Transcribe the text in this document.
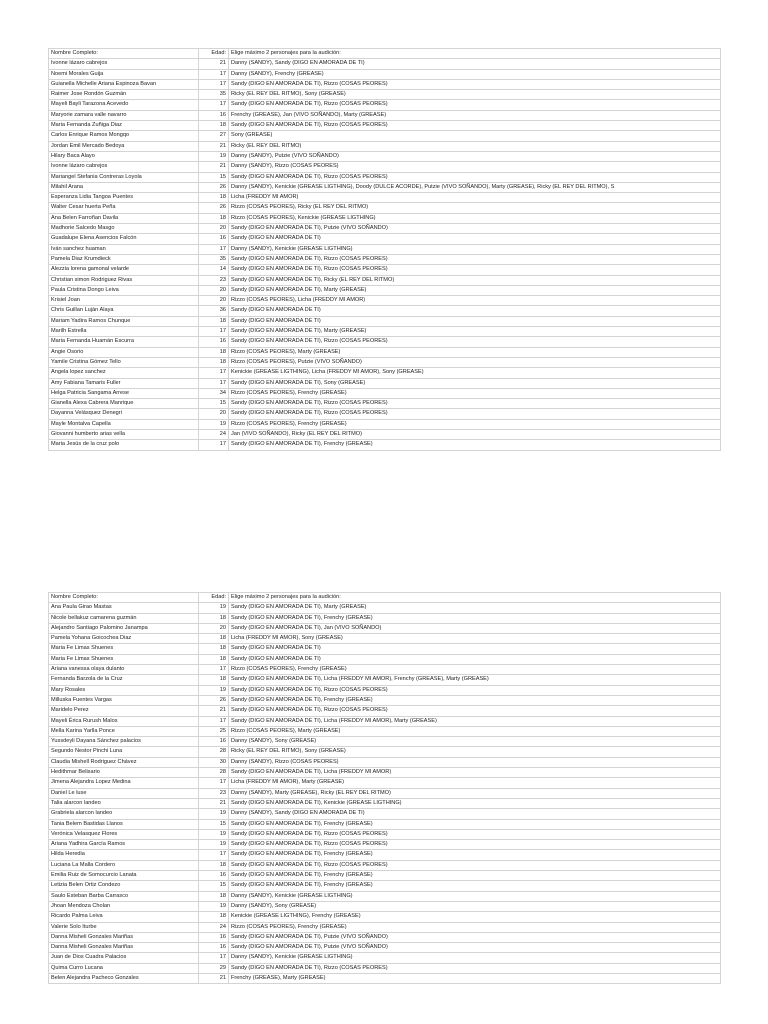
Nombre Completo:	Edad:	Elige máximo 2 personajes para la audición:
Ivonne lázaro cabrejos	21	Danny (SANDY), Sandy (DIGO EN AMORADA DE TI)
Noemi Morales Guija	17	Danny (SANDY), Frenchy (GREASE)
Guianella Michelle Ariana Espinoza Bavan	17	Sandy (DIGO EN AMORADA DE TI), Rizzo (COSAS PEORES)
Raimer Jose Rondón Guzmán	35	Ricky (EL REY DEL RITMO), Sony (GREASE)
Mayeli Bayli Tarazona Acevedo	17	Sandy (DIGO EN AMORADA DE TI), Rizzo (COSAS PEORES)
Maryorie zamara valle navarro	16	Frenchy (GREASE), Jan (VIVO SOÑANDO), Marty (GREASE)
Maria Fernanda Zuñiga Diaz	18	Sandy (DIGO EN AMORADA DE TI), Rizzo (COSAS PEORES)
Carlos Enrique Ramos Mongqo	27	Sony (GREASE)
Jordan Emil Mercado Bedoya	21	Ricky (EL REY DEL RITMO)
Hilary Baca Alayo	19	Danny (SANDY), Putzie (VIVO SOÑANDO)
Ivonne lázaro cabrejos	21	Danny (SANDY), Rizzo (COSAS PEORES)
Mariangel Stefania Contreras Loyola	15	Sandy (DIGO EN AMORADA DE TI), Rizzo (COSAS PEORES)
Milahil Arana	26	Danny (SANDY), Kenickie (GREASE LIGTHING), Doody (DULCE ACORDE), Putzie (VIVO SOÑANDO), Marty (GREASE), Ricky (EL REY DEL RITMO), S
Esperanza Lidia Tangoa Puentes	18	Licha (FREDDY MI AMOR)
Walter Cesar huerta Peña	26	Rizzo (COSAS PEORES), Ricky (EL REY DEL RITMO)
Ana Belen Farroñan Davila	18	Rizzo (COSAS PEORES), Kenickie (GREASE LIGTHING)
Madhorie Salcedo Masgo	20	Sandy (DIGO EN AMORADA DE TI), Putzie (VIVO SOÑANDO)
Guadalupe Elena Asencios Falcón	16	Sandy (DIGO EN AMORADA DE TI)
Iván sanchez huaman	17	Danny (SANDY), Kenickie (GREASE LIGTHING)
Pamela Diaz Krumdieck	35	Sandy (DIGO EN AMORADA DE TI), Rizzo (COSAS PEORES)
Alezzia lorena gamonal velarde	14	Sandy (DIGO EN AMORADA DE TI), Rizzo (COSAS PEORES)
Christian simon Rodriguez Rivas	23	Sandy (DIGO EN AMORADA DE TI), Ricky (EL REY DEL RITMO)
Paula Cristina Dongo Leiva	20	Sandy (DIGO EN AMORADA DE TI), Marty (GREASE)
Krisiel Joan	20	Rizzo (COSAS PEORES), Licha (FREDDY MI AMOR)
Chris Guillan Luján Alaya	36	Sandy (DIGO EN AMORADA DE TI)
Mariam Yadira Ramos Chunque	18	Sandy (DIGO EN AMORADA DE TI)
Marilh Estrella	17	Sandy (DIGO EN AMORADA DE TI), Marty (GREASE)
Maria Fernanda Huamán Escurra	16	Sandy (DIGO EN AMORADA DE TI), Rizzo (COSAS PEORES)
Angie Osorio	18	Rizzo (COSAS PEORES), Marty (GREASE)
Yamile Cristina Gómez Tello	18	Rizzo (COSAS PEORES), Putzie (VIVO SOÑANDO)
Angela lopez sanchez	17	Kenickie (GREASE LIGTHING), Licha (FREDDY MI AMOR), Sony (GREASE)
Amy Fabiana Tamaris Fuller	17	Sandy (DIGO EN AMORADA DE TI), Sony (GREASE)
Helga Patricia Sangama Arrese	34	Rizzo (COSAS PEORES), Frenchy (GREASE)
Gianella Alexa Cabrera Manrique	15	Sandy (DIGO EN AMORADA DE TI), Rizzo (COSAS PEORES)
Dayanna Velásquez Denegri	20	Sandy (DIGO EN AMORADA DE TI), Rizzo (COSAS PEORES)
Mayle Montalva Capella	19	Rizzo (COSAS PEORES), Frenchy (GREASE)
Giovanni humberto arias vella	24	Jan (VIVO SOÑANDO), Ricky (EL REY DEL RITMO)
Maria Jesús de la cruz polo	17	Sandy (DIGO EN AMORADA DE TI), Frenchy (GREASE)
Nombre Completo:	Edad:	Elige máximo 2 personajes para la audición:
Ana Paula Girao Mastas	19	Sandy (DIGO EN AMORADA DE TI), Marty (GREASE)
Nicole bellakuz camarena guzmán	18	Sandy (DIGO EN AMORADA DE TI), Frenchy (GREASE)
Alejandro Santiago Palomino Janampa	20	Sandy (DIGO EN AMORADA DE TI), Jan (VIVO SOÑANDO)
Pamela Yohana Goicochea Diaz	18	Licha (FREDDY MI AMOR), Sony (GREASE)
Maria Fe Limas Shuenes	18	Sandy (DIGO EN AMORADA DE TI)
Maria Fe Limas Shuenes	18	Sandy (DIGO EN AMORADA DE TI)
Ariana vanessa olaya dulanto	17	Rizzo (COSAS PEORES), Frenchy (GREASE)
Fernanda Barzola de la Cruz	18	Sandy (DIGO EN AMORADA DE TI), Licha (FREDDY MI AMOR), Frenchy (GREASE), Marty (GREASE)
Mary Rosales	19	Sandy (DIGO EN AMORADA DE TI), Rizzo (COSAS PEORES)
Milluska Fuentes Vargas	26	Sandy (DIGO EN AMORADA DE TI), Frenchy (GREASE)
Maridelo Perez	21	Sandy (DIGO EN AMORADA DE TI), Rizzo (COSAS PEORES)
Mayeli Érica Rurush Malos	17	Sandy (DIGO EN AMORADA DE TI), Licha (FREDDY MI AMOR), Marty (GREASE)
Mella Karina Yarlla Ponce	25	Rizzo (COSAS PEORES), Marty (GREASE)
Yussdeyli Dayana Sánchez palacios	16	Danny (SANDY), Sony (GREASE)
Segundo Nestor Pinchi Luna	28	Ricky (EL REY DEL RITMO), Sony (GREASE)
Claudia Mishell Rodriguez Chávez	30	Danny (SANDY), Rizzo (COSAS PEORES)
Hedithmar Belisario	28	Sandy (DIGO EN AMORADA DE TI), Licha (FREDDY MI AMOR)
Jimena Alejandra Lopez Medina	17	Licha (FREDDY MI AMOR), Marty (GREASE)
Daniel Le luse	23	Danny (SANDY), Marty (GREASE), Ricky (EL REY DEL RITMO)
Talia alarcon landeo	21	Sandy (DIGO EN AMORADA DE TI), Kenickie (GREASE LIGTHING)
Grabriela alarcon landeo	19	Danny (SANDY), Sandy (DIGO EN AMORADA DE TI)
Tania Belem Bastidas Llanos	15	Sandy (DIGO EN AMORADA DE TI), Frenchy (GREASE)
Verónica Velasquez Flores	19	Sandy (DIGO EN AMORADA DE TI), Rizzo (COSAS PEORES)
Ariana Yadhira García Ramos	19	Sandy (DIGO EN AMORADA DE TI), Rizzo (COSAS PEORES)
Hilda Heredia	17	Sandy (DIGO EN AMORADA DE TI), Frenchy (GREASE)
Luciana La Malla Cordero	18	Sandy (DIGO EN AMORADA DE TI), Rizzo (COSAS PEORES)
Emilia Ruiz de Somocurcio Lanata	16	Sandy (DIGO EN AMORADA DE TI), Frenchy (GREASE)
Letizia Belen Ortiz Condezo	15	Sandy (DIGO EN AMORADA DE TI), Frenchy (GREASE)
Saulo Esteban Barba Carrasco	18	Danny (SANDY), Kenickie (GREASE LIGTHING)
Jhoan Mendoza Cholan	19	Danny (SANDY), Sony (GREASE)
Ricardo Palma Leiva	18	Kenickie (GREASE LIGTHING), Frenchy (GREASE)
Valerie Solo Iturbe	24	Rizzo (COSAS PEORES), Frenchy (GREASE)
Danna Misheli Gonzales Mariñas	16	Sandy (DIGO EN AMORADA DE TI), Putzie (VIVO SOÑANDO)
Danna Misheli Gonzales Mariñas	16	Sandy (DIGO EN AMORADA DE TI), Putzie (VIVO SOÑANDO)
Juan de Dios Cuadra Palacios	17	Danny (SANDY), Kenickie (GREASE LIGTHING)
Quima Curro Lucana	29	Sandy (DIGO EN AMORADA DE TI), Rizzo (COSAS PEORES)
Belen Alejandra Pacheco Gonzales	21	Frenchy (GREASE), Marty (GREASE)
